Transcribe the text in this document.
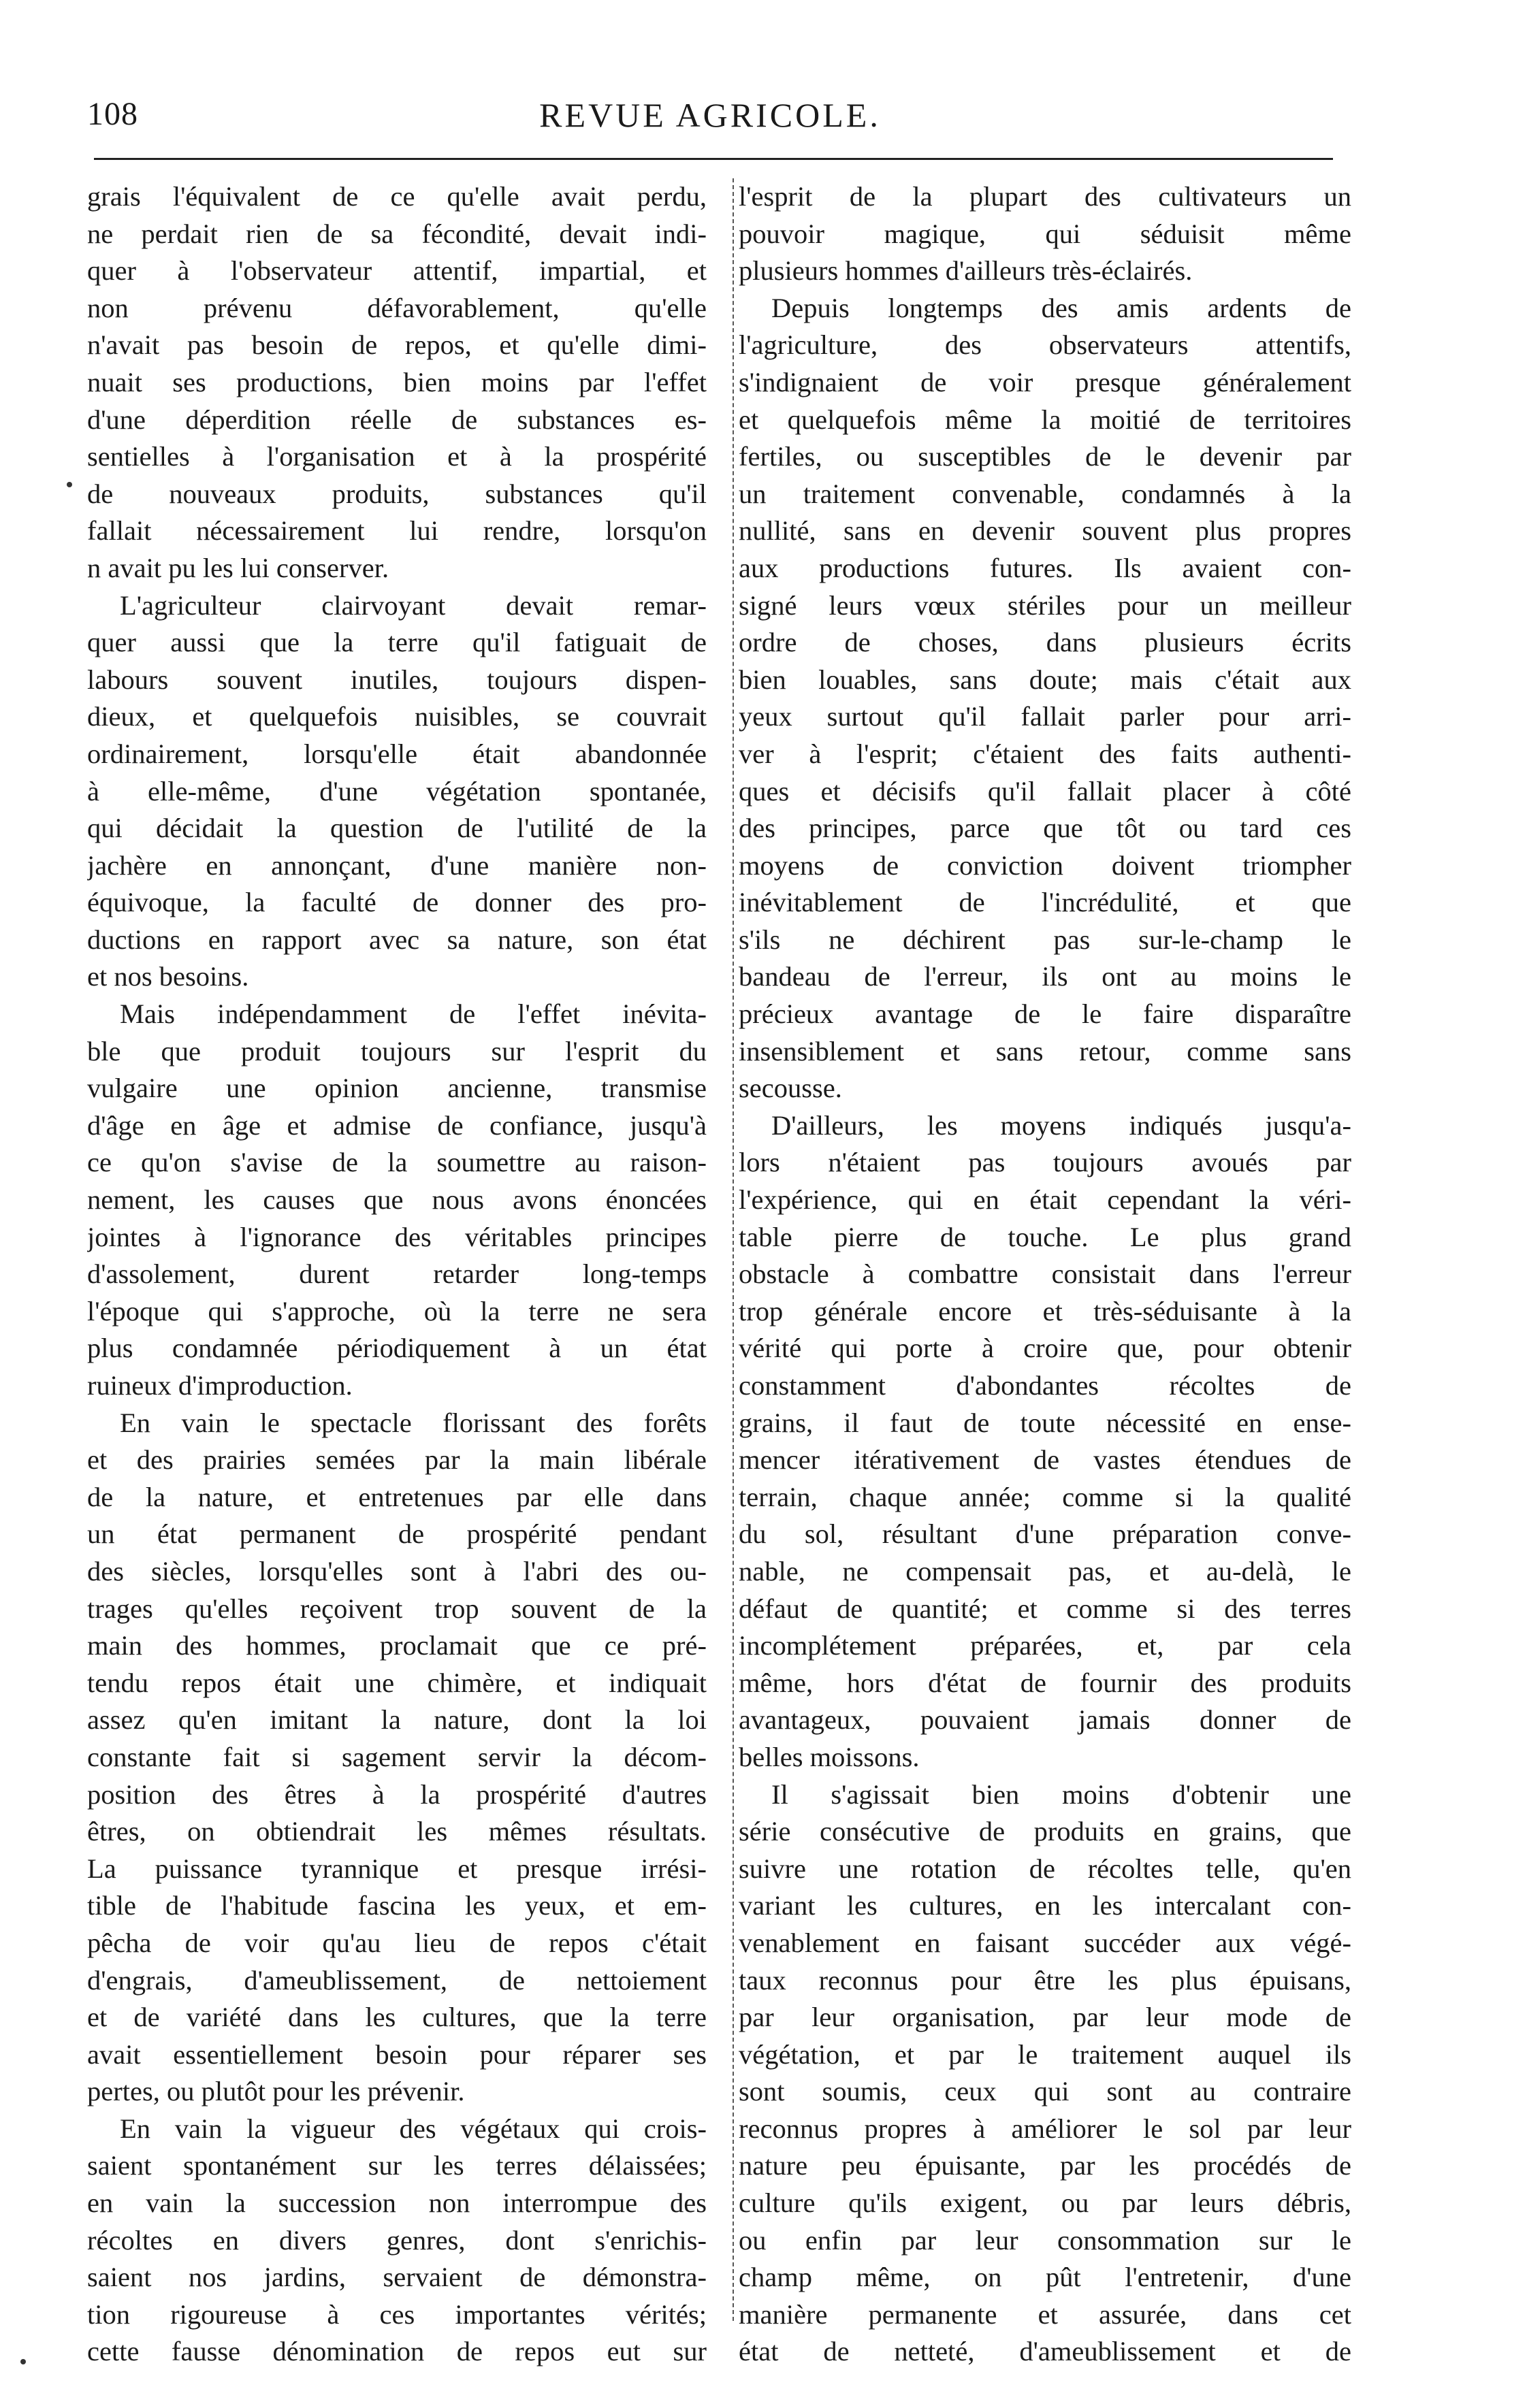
108	REVUE AGRICOLE.
grais l'équivalent de ce qu'elle avait perdu,
ne perdait rien de sa fécondité, devait indi-
quer à l'observateur attentif, impartial, et
non prévenu défavorablement, qu'elle
n'avait pas besoin de repos, et qu'elle dimi-
nuait ses productions, bien moins par l'effet
d'une déperdition réelle de substances es-
sentielles à l'organisation et à la prospérité
de nouveaux produits, substances qu'il
fallait nécessairement lui rendre, lorsqu'on
n avait pu les lui conserver.
L'agriculteur clairvoyant devait remar-
quer aussi que la terre qu'il fatiguait de
labours souvent inutiles, toujours dispen-
dieux, et quelquefois nuisibles, se couvrait
ordinairement, lorsqu'elle était abandonnée
à elle-même, d'une végétation spontanée,
qui décidait la question de l'utilité de la
jachère en annonçant, d'une manière non-
équivoque, la faculté de donner des pro-
ductions en rapport avec sa nature, son état
et nos besoins.
Mais indépendamment de l'effet inévita-
ble que produit toujours sur l'esprit du
vulgaire une opinion ancienne, transmise
d'âge en âge et admise de confiance, jusqu'à
ce qu'on s'avise de la soumettre au raison-
nement, les causes que nous avons énoncées
jointes à l'ignorance des véritables principes
d'assolement, durent retarder long-temps
l'époque qui s'approche, où la terre ne sera
plus condamnée périodiquement à un état
ruineux d'improduction.
En vain le spectacle florissant des forêts
et des prairies semées par la main libérale
de la nature, et entretenues par elle dans
un état permanent de prospérité pendant
des siècles, lorsqu'elles sont à l'abri des ou-
trages qu'elles reçoivent trop souvent de la
main des hommes, proclamait que ce pré-
tendu repos était une chimère, et indiquait
assez qu'en imitant la nature, dont la loi
constante fait si sagement servir la décom-
position des êtres à la prospérité d'autres
êtres, on obtiendrait les mêmes résultats.
La puissance tyrannique et presque irrési-
tible de l'habitude fascina les yeux, et em-
pêcha de voir qu'au lieu de repos c'était
d'engrais, d'ameublissement, de nettoiement
et de variété dans les cultures, que la terre
avait essentiellement besoin pour réparer ses
pertes, ou plutôt pour les prévenir.
En vain la vigueur des végétaux qui crois-
saient spontanément sur les terres délaissées;
en vain la succession non interrompue des
récoltes en divers genres, dont s'enrichis-
saient nos jardins, servaient de démonstra-
tion rigoureuse à ces importantes vérités;
cette fausse dénomination de repos eut sur
l'esprit de la plupart des cultivateurs un
pouvoir magique, qui séduisit même
plusieurs hommes d'ailleurs très-éclairés.
Depuis longtemps des amis ardents de
l'agriculture, des observateurs attentifs,
s'indignaient de voir presque généralement
et quelquefois même la moitié de territoires
fertiles, ou susceptibles de le devenir par
un traitement convenable, condamnés à la
nullité, sans en devenir souvent plus propres
aux productions futures. Ils avaient con-
signé leurs vœux stériles pour un meilleur
ordre de choses, dans plusieurs écrits
bien louables, sans doute; mais c'était aux
yeux surtout qu'il fallait parler pour arri-
ver à l'esprit; c'étaient des faits authenti-
ques et décisifs qu'il fallait placer à côté
des principes, parce que tôt ou tard ces
moyens de conviction doivent triompher
inévitablement de l'incrédulité, et que
s'ils ne déchirent pas sur-le-champ le
bandeau de l'erreur, ils ont au moins le
précieux avantage de le faire disparaître
insensiblement et sans retour, comme sans
secousse.
D'ailleurs, les moyens indiqués jusqu'a-
lors n'étaient pas toujours avoués par
l'expérience, qui en était cependant la véri-
table pierre de touche. Le plus grand
obstacle à combattre consistait dans l'erreur
trop générale encore et très-séduisante à la
vérité qui porte à croire que, pour obtenir
constamment d'abondantes récoltes de
grains, il faut de toute nécessité en ense-
mencer itérativement de vastes étendues de
terrain, chaque année; comme si la qualité
du sol, résultant d'une préparation conve-
nable, ne compensait pas, et au-delà, le
défaut de quantité; et comme si des terres
incomplétement préparées, et, par cela
même, hors d'état de fournir des produits
avantageux, pouvaient jamais donner de
belles moissons.
Il s'agissait bien moins d'obtenir une
série consécutive de produits en grains, que
suivre une rotation de récoltes telle, qu'en
variant les cultures, en les intercalant con-
venablement en faisant succéder aux végé-
taux reconnus pour être les plus épuisans,
par leur organisation, par leur mode de
végétation, et par le traitement auquel ils
sont soumis, ceux qui sont au contraire
reconnus propres à améliorer le sol par leur
nature peu épuisante, par les procédés de
culture qu'ils exigent, ou par leurs débris,
ou enfin par leur consommation sur le
champ même, on pût l'entretenir, d'une
manière permanente et assurée, dans cet
état de netteté, d'ameublissement et de
